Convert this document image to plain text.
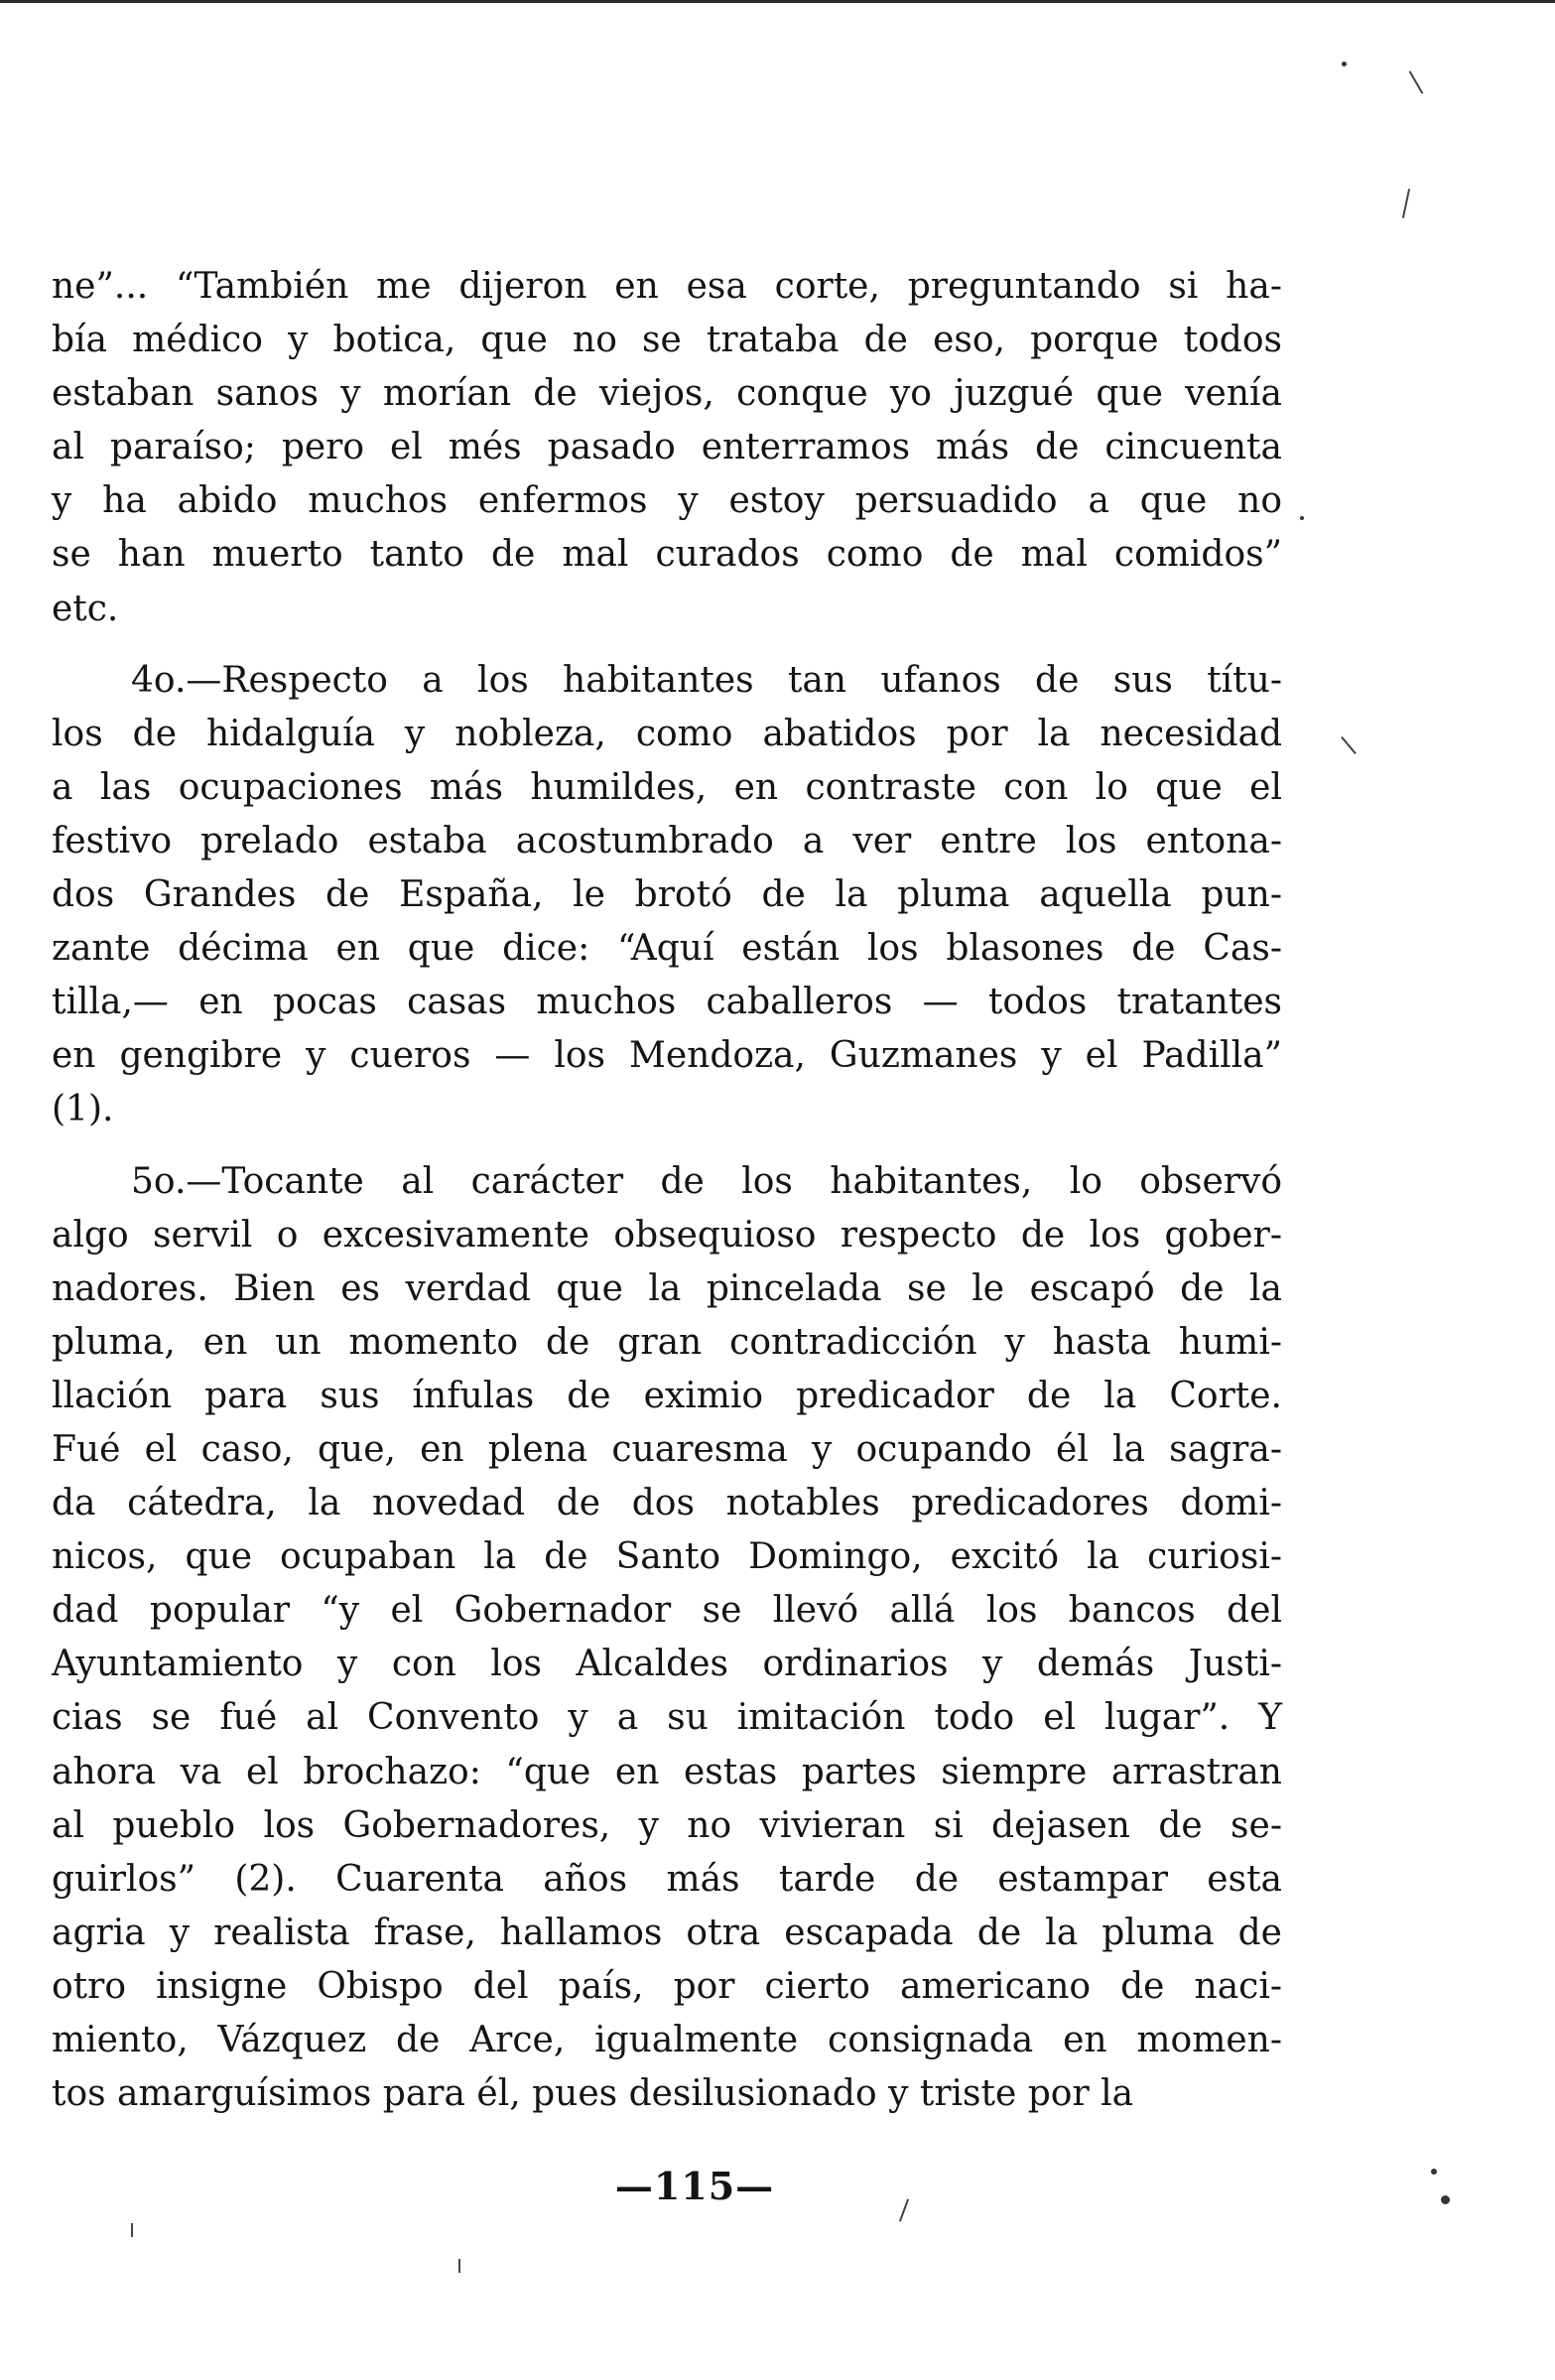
ne”... “También me dijeron en esa corte, preguntando si ha-
bía médico y botica, que no se trataba de eso, porque todos
estaban sanos y morían de viejos, conque yo juzgué que venía
al paraíso; pero el més pasado enterramos más de cincuenta
y ha abido muchos enfermos y estoy persuadido a que no
se han muerto tanto de mal curados como de mal comidos”
etc.
4o.—Respecto a los habitantes tan ufanos de sus títu-
los de hidalguía y nobleza, como abatidos por la necesidad
a las ocupaciones más humildes, en contraste con lo que el
festivo prelado estaba acostumbrado a ver entre los entona-
dos Grandes de España, le brotó de la pluma aquella pun-
zante décima en que dice: “Aquí están los blasones de Cas-
tilla,— en pocas casas muchos caballeros — todos tratantes
en gengibre y cueros — los Mendoza, Guzmanes y el Padilla”
(1).
5o.—Tocante al carácter de los habitantes, lo observó
algo servil o excesivamente obsequioso respecto de los gober-
nadores. Bien es verdad que la pincelada se le escapó de la
pluma, en un momento de gran contradicción y hasta humi-
llación para sus ínfulas de eximio predicador de la Corte.
Fué el caso, que, en plena cuaresma y ocupando él la sagra-
da cátedra, la novedad de dos notables predicadores domi-
nicos, que ocupaban la de Santo Domingo, excitó la curiosi-
dad popular “y el Gobernador se llevó allá los bancos del
Ayuntamiento y con los Alcaldes ordinarios y demás Justi-
cias se fué al Convento y a su imitación todo el lugar”. Y
ahora va el brochazo: “que en estas partes siempre arrastran
al pueblo los Gobernadores, y no vivieran si dejasen de se-
guirlos” (2). Cuarenta años más tarde de estampar esta
agria y realista frase, hallamos otra escapada de la pluma de
otro insigne Obispo del país, por cierto americano de naci-
miento, Vázquez de Arce, igualmente consignada en momen-
tos amarguísimos para él, pues desilusionado y triste por la
—115—
